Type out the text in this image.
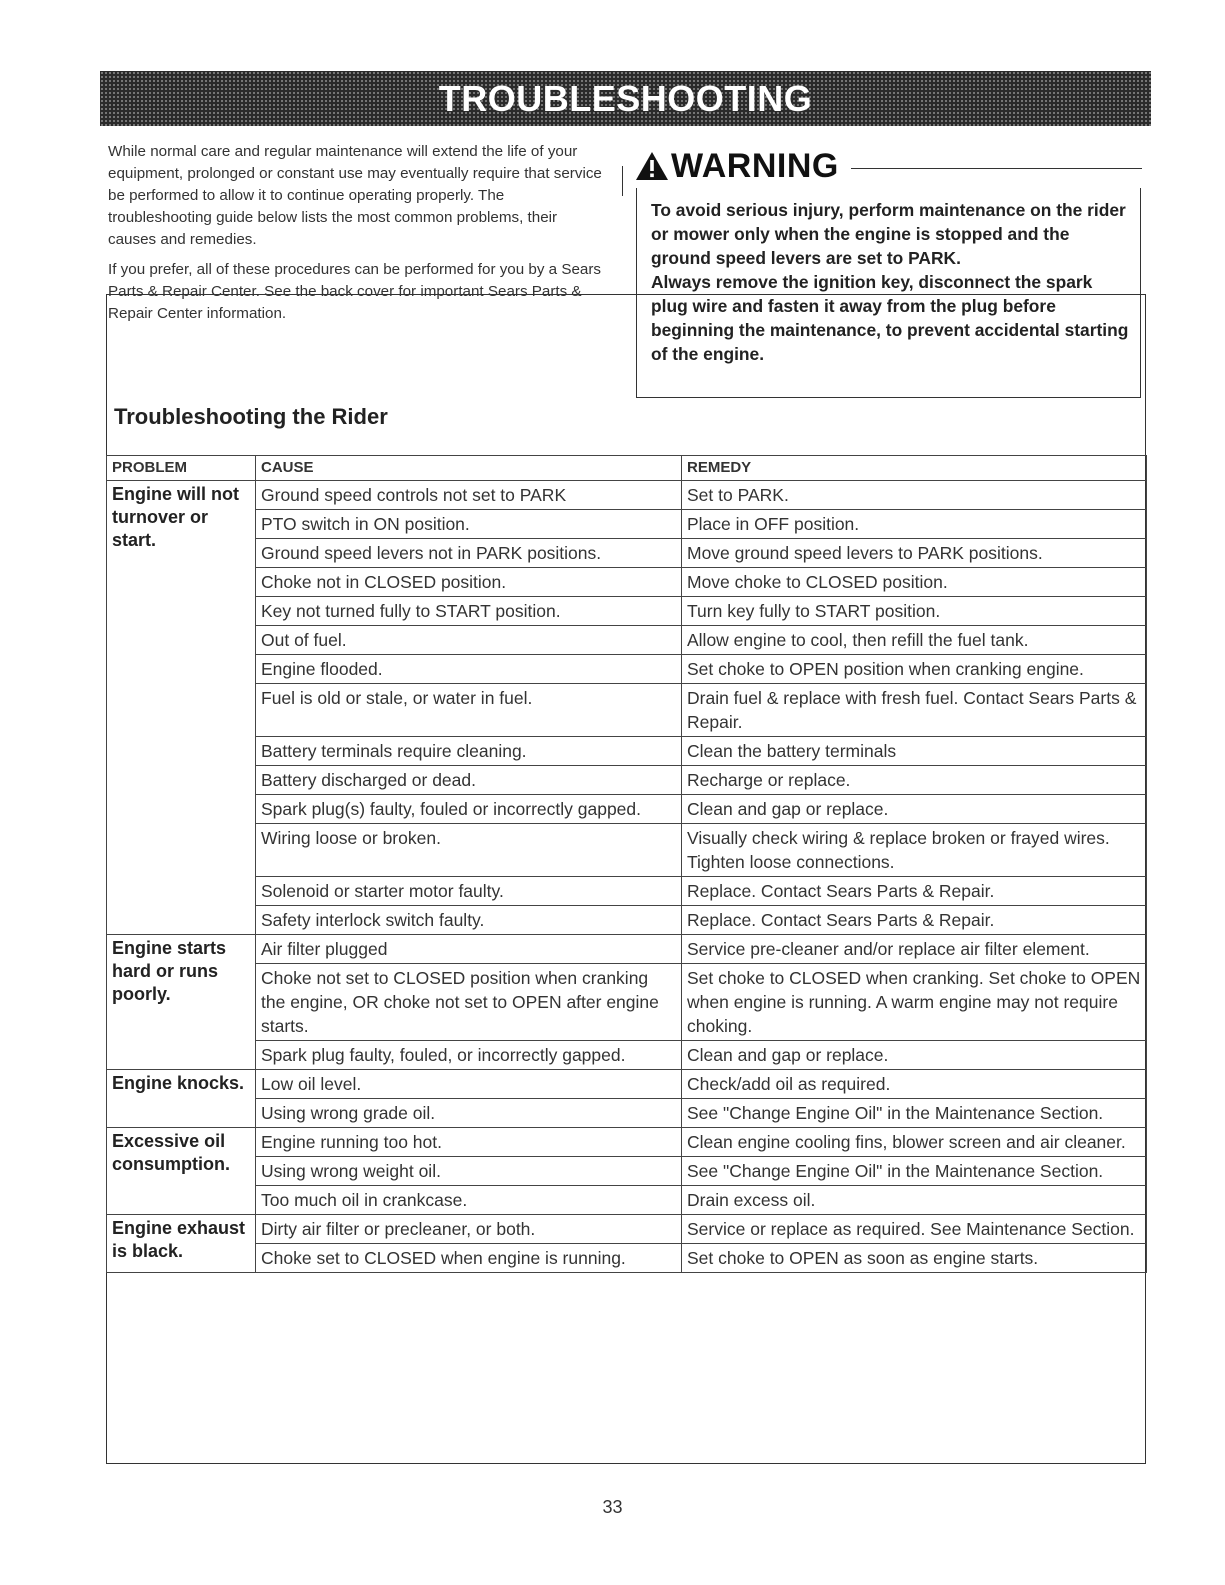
TROUBLESHOOTING

While normal care and regular maintenance will extend the life of your equipment, prolonged or constant use may eventually require that service be performed to allow it to continue operating properly. The troubleshooting guide below lists the most common problems, their causes and remedies.

If you prefer, all of these procedures can be performed for you by a Sears Parts & Repair Center. See the back cover for important Sears Parts & Repair Center information.

WARNING

To avoid serious injury, perform maintenance on the rider or mower only when the engine is stopped and the ground speed levers are set to PARK.

Always remove the ignition key, disconnect the spark plug wire and fasten it away from the plug before beginning the maintenance, to prevent accidental starting of the engine.

Troubleshooting the Rider
PROBLEM	CAUSE	REMEDY
Engine will not turnover or start.	Ground speed controls not set to PARK	Set to PARK.
	PTO switch in ON position.	Place in OFF position.
	Ground speed levers not in PARK positions.	Move ground speed levers to PARK positions.
	Choke not in CLOSED position.	Move choke to CLOSED position.
	Key not turned fully to START position.	Turn key fully to START position.
	Out of fuel.	Allow engine to cool, then refill the fuel tank.
	Engine flooded.	Set choke to OPEN position when cranking engine.
	Fuel is old or stale, or water in fuel.	Drain fuel & replace with fresh fuel. Contact Sears Parts & Repair.
	Battery terminals require cleaning.	Clean the battery terminals
	Battery discharged or dead.	Recharge or replace.
	Spark plug(s) faulty, fouled or incorrectly gapped.	Clean and gap or replace.
	Wiring loose or broken.	Visually check wiring & replace broken or frayed wires. Tighten loose connections.
	Solenoid or starter motor faulty.	Replace. Contact Sears Parts & Repair.
	Safety interlock switch faulty.	Replace. Contact Sears Parts & Repair.
Engine starts hard or runs poorly.	Air filter plugged	Service pre-cleaner and/or replace air filter element.
	Choke not set to CLOSED position when cranking the engine, OR choke not set to OPEN after engine starts.	Set choke to CLOSED when cranking. Set choke to OPEN when engine is running. A warm engine may not require choking.
	Spark plug faulty, fouled, or incorrectly gapped.	Clean and gap or replace.
Engine knocks.	Low oil level.	Check/add oil as required.
	Using wrong grade oil.	See "Change Engine Oil" in the Maintenance Section.
Excessive oil consumption.	Engine running too hot.	Clean engine cooling fins, blower screen and air cleaner.
	Using wrong weight oil.	See "Change Engine Oil" in the Maintenance Section.
	Too much oil in crankcase.	Drain excess oil.
Engine exhaust is black.	Dirty air filter or precleaner, or both.	Service or replace as required. See Maintenance Section.
	Choke set to CLOSED when engine is running.	Set choke to OPEN as soon as engine starts.
33
